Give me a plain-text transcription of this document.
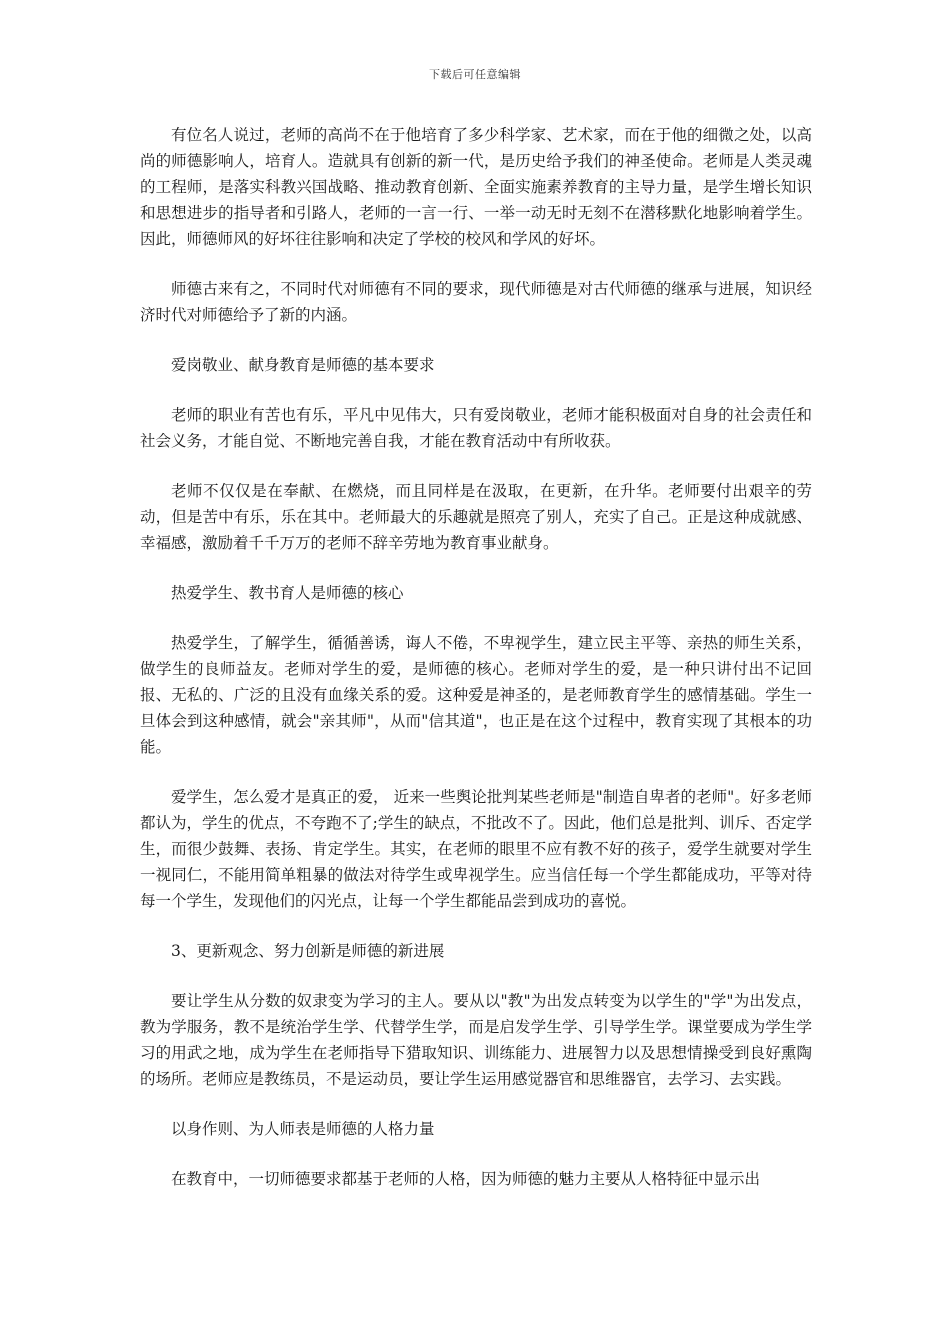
下载后可任意编辑

有位名人说过，老师的高尚不在于他培育了多少科学家、艺术家，而在于他的细微之处，以高尚的师德影响人，培育人。造就具有创新的新一代，是历史给予我们的神圣使命。老师是人类灵魂的工程师，是落实科教兴国战略、推动教育创新、全面实施素养教育的主导力量，是学生增长知识和思想进步的指导者和引路人，老师的一言一行、一举一动无时无刻不在潜移默化地影响着学生。因此，师德师风的好坏往往影响和决定了学校的校风和学风的好坏。

师德古来有之，不同时代对师德有不同的要求，现代师德是对古代师德的继承与进展，知识经济时代对师德给予了新的内涵。

爱岗敬业、献身教育是师德的基本要求

老师的职业有苦也有乐，平凡中见伟大，只有爱岗敬业，老师才能积极面对自身的社会责任和社会义务，才能自觉、不断地完善自我，才能在教育活动中有所收获。

老师不仅仅是在奉献、在燃烧，而且同样是在汲取，在更新，在升华。老师要付出艰辛的劳动，但是苦中有乐，乐在其中。老师最大的乐趣就是照亮了别人，充实了自己。正是这种成就感、幸福感，激励着千千万万的老师不辞辛劳地为教育事业献身。

热爱学生、教书育人是师德的核心

热爱学生，了解学生，循循善诱，诲人不倦，不卑视学生，建立民主平等、亲热的师生关系，做学生的良师益友。老师对学生的爱，是师德的核心。老师对学生的爱，是一种只讲付出不记回报、无私的、广泛的且没有血缘关系的爱。这种爱是神圣的，是老师教育学生的感情基础。学生一旦体会到这种感情，就会"亲其师"，从而"信其道"，也正是在这个过程中，教育实现了其根本的功能。

爱学生，怎么爱才是真正的爱， 近来一些舆论批判某些老师是"制造自卑者的老师"。好多老师都认为，学生的优点，不夸跑不了;学生的缺点，不批改不了。因此，他们总是批判、训斥、否定学生，而很少鼓舞、表扬、肯定学生。其实，在老师的眼里不应有教不好的孩子，爱学生就要对学生一视同仁，不能用简单粗暴的做法对待学生或卑视学生。应当信任每一个学生都能成功，平等对待每一个学生，发现他们的闪光点，让每一个学生都能品尝到成功的喜悦。

3、更新观念、努力创新是师德的新进展

要让学生从分数的奴隶变为学习的主人。要从以"教"为出发点转变为以学生的"学"为出发点，教为学服务，教不是统治学生学、代替学生学，而是启发学生学、引导学生学。课堂要成为学生学习的用武之地，成为学生在老师指导下猎取知识、训练能力、进展智力以及思想情操受到良好熏陶的场所。老师应是教练员，不是运动员，要让学生运用感觉器官和思维器官，去学习、去实践。

以身作则、为人师表是师德的人格力量

在教育中，一切师德要求都基于老师的人格，因为师德的魅力主要从人格特征中显示出
